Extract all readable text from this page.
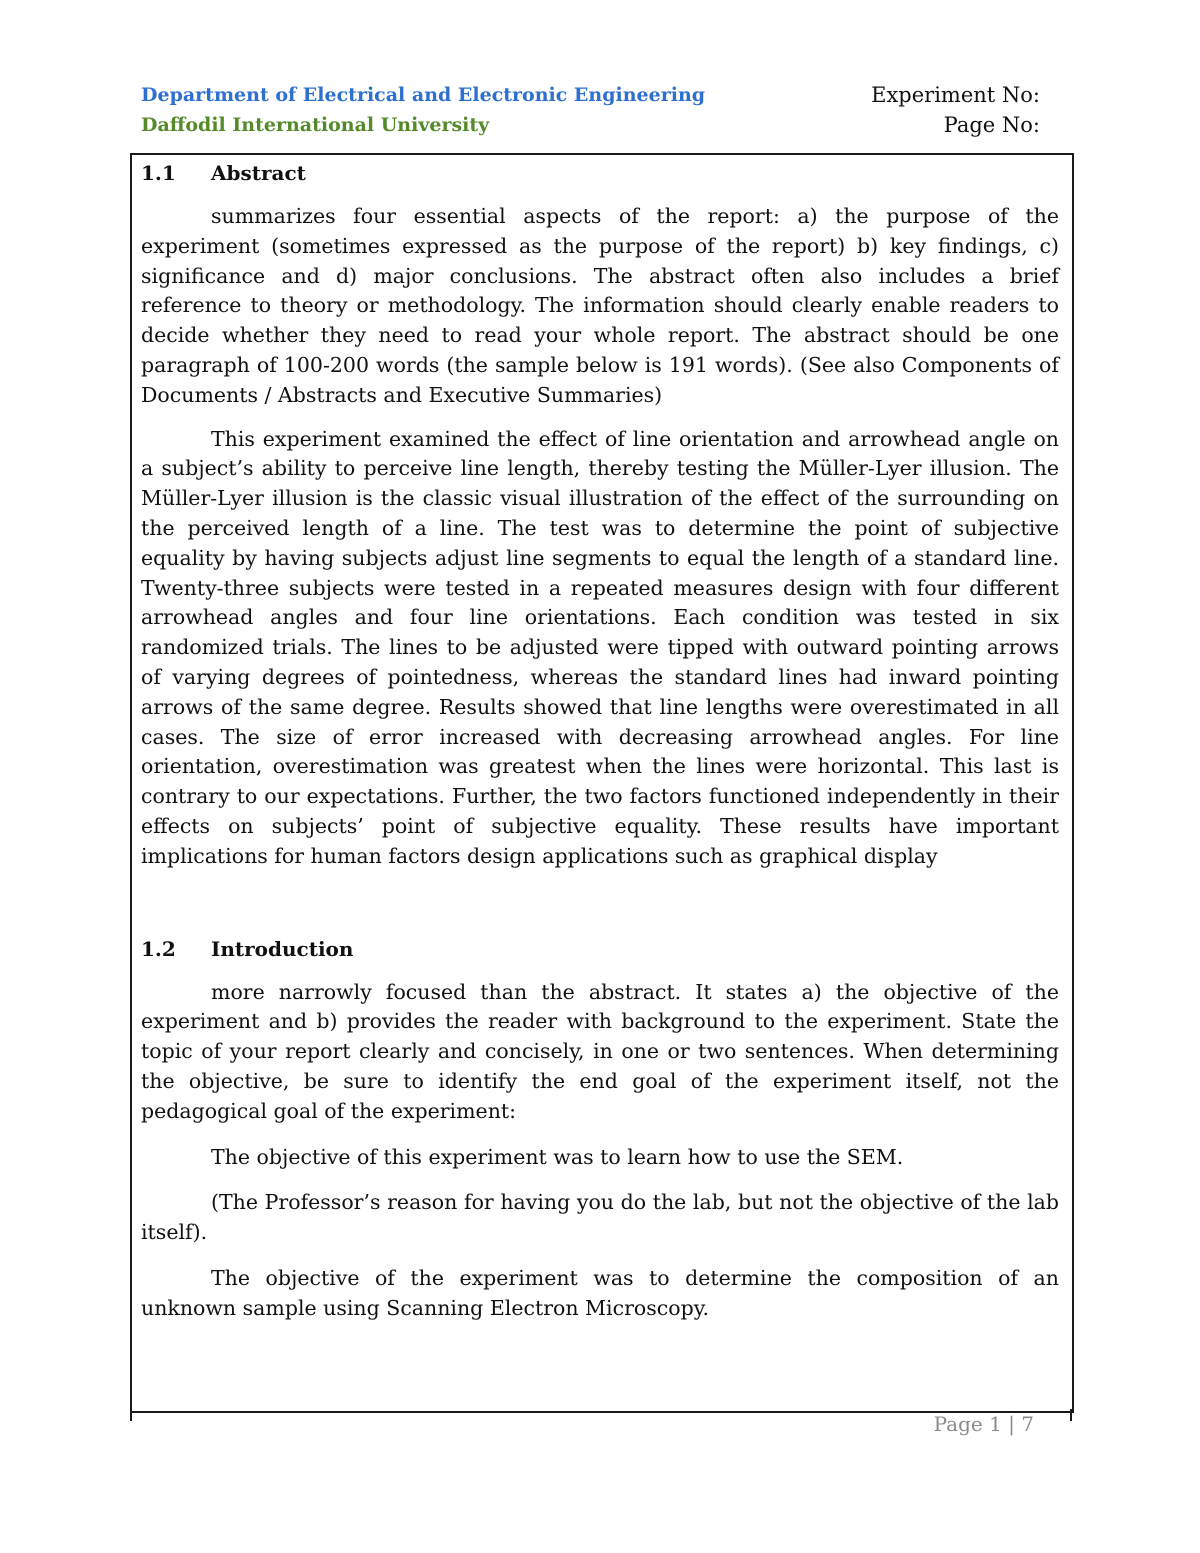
Department of Electrical and Electronic Engineering
Daffodil International University
Experiment No:
Page No:
1.1 Abstract

summarizes four essential aspects of the report: a) the purpose of the experiment (sometimes expressed as the purpose of the report) b) key findings, c) significance and d) major conclusions. The abstract often also includes a brief reference to theory or methodology. The information should clearly enable readers to decide whether they need to read your whole report. The abstract should be one paragraph of 100-200 words (the sample below is 191 words). (See also Components of Documents / Abstracts and Executive Summaries)

This experiment examined the effect of line orientation and arrowhead angle on a subject’s ability to perceive line length, thereby testing the Müller-Lyer illusion. The Müller-Lyer illusion is the classic visual illustration of the effect of the surrounding on the perceived length of a line. The test was to determine the point of subjective equality by having subjects adjust line segments to equal the length of a standard line. Twenty-three subjects were tested in a repeated measures design with four different arrowhead angles and four line orientations. Each condition was tested in six randomized trials. The lines to be adjusted were tipped with outward pointing arrows of varying degrees of pointedness, whereas the standard lines had inward pointing arrows of the same degree. Results showed that line lengths were overestimated in all cases. The size of error increased with decreasing arrowhead angles. For line orientation, overestimation was greatest when the lines were horizontal. This last is contrary to our expectations. Further, the two factors functioned independently in their effects on subjects’ point of subjective equality. These results have important implications for human factors design applications such as graphical display

1.2 Introduction

more narrowly focused than the abstract. It states a) the objective of the experiment and b) provides the reader with background to the experiment. State the topic of your report clearly and concisely, in one or two sentences. When determining the objective, be sure to identify the end goal of the experiment itself, not the pedagogical goal of the experiment:

The objective of this experiment was to learn how to use the SEM.

(The Professor’s reason for having you do the lab, but not the objective of the lab itself).

The objective of the experiment was to determine the composition of an unknown sample using Scanning Electron Microscopy.

Page 1 | 7
